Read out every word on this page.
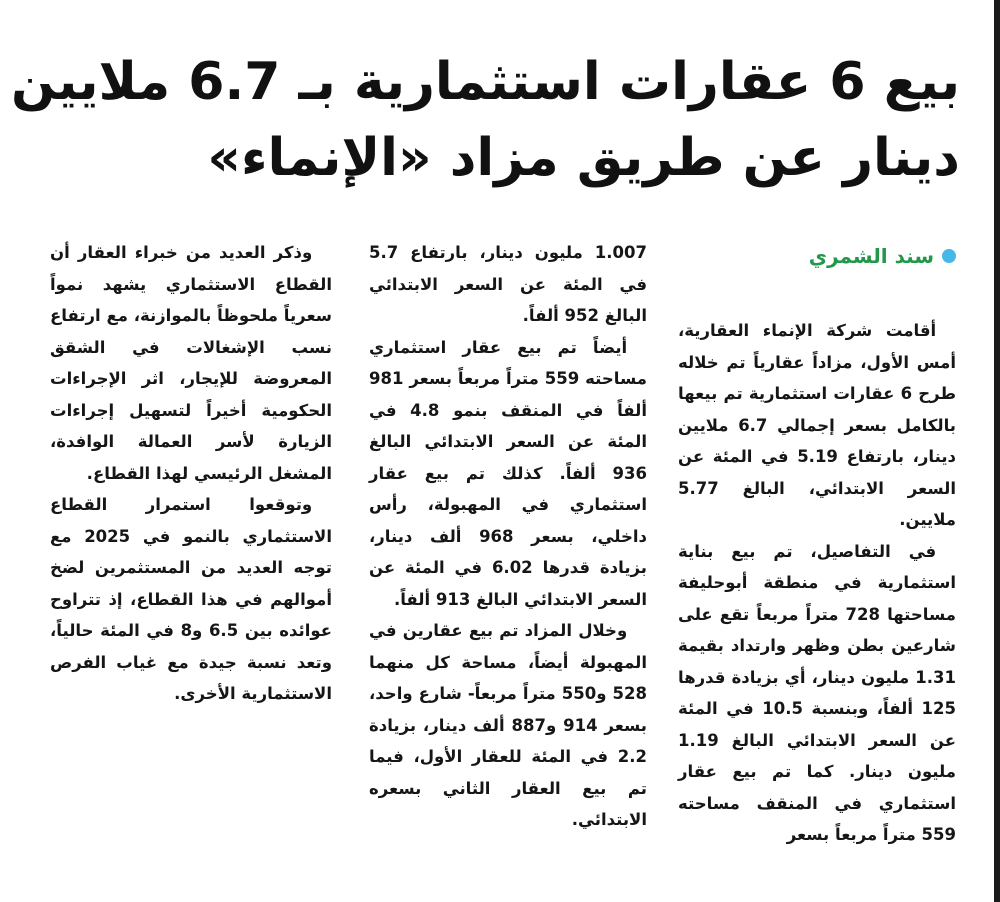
بيع 6 عقارات استثمارية بـ 6.7 ملايين
دينار عن طريق مزاد «الإنماء»
سند الشمري

أقامت شركة الإنماء العقارية، أمس الأول، مزاداً عقارياً تم خلاله طرح 6 عقارات استثمارية تم بيعها بالكامل بسعر إجمالي 6.7 ملايين دينار، بارتفاع 5.19 في المئة عن السعر الابتدائي، البالغ 5.77 ملايين.

في التفاصيل، تم بيع بناية استثمارية في منطقة أبوحليفة مساحتها 728 متراً مربعاً تقع على شارعين بطن وظهر وارتداد بقيمة 1.31 مليون دينار، أي بزيادة قدرها 125 ألفاً، وبنسبة 10.5 في المئة عن السعر الابتدائي البالغ 1.19 مليون دينار. كما تم بيع عقار استثماري في المنقف مساحته 559 متراً مربعاً بسعر

1.007 مليون دينار، بارتفاع 5.7 في المئة عن السعر الابتدائي البالغ 952 ألفاً.

أيضاً تم بيع عقار استثماري مساحته 559 متراً مربعاً بسعر 981 ألفاً في المنقف بنمو 4.8 في المئة عن السعر الابتدائي البالغ 936 ألفاً. كذلك تم بيع عقار استثماري في المهبولة، رأس داخلي، بسعر 968 ألف دينار، بزيادة قدرها 6.02 في المئة عن السعر الابتدائي البالغ 913 ألفاً.

وخلال المزاد تم بيع عقارين في المهبولة أيضاً، مساحة كل منهما 528 و550 متراً مربعاً- شارع واحد، بسعر 914 و887 ألف دينار، بزيادة 2.2 في المئة للعقار الأول، فيما تم بيع العقار الثاني بسعره الابتدائي.

وذكر العديد من خبراء العقار أن القطاع الاستثماري يشهد نمواً سعرياً ملحوظاً بالموازنة، مع ارتفاع نسب الإشغالات في الشقق المعروضة للإيجار، اثر الإجراءات الحكومية أخيراً لتسهيل إجراءات الزيارة لأسر العمالة الوافدة، المشغل الرئيسي لهذا القطاع.

وتوقعوا استمرار القطاع الاستثماري بالنمو في 2025 مع توجه العديد من المستثمرين لضخ أموالهم في هذا القطاع، إذ تتراوح عوائده بين 6.5 و8 في المئة حالياً، وتعد نسبة جيدة مع غياب الفرص الاستثمارية الأخرى.
